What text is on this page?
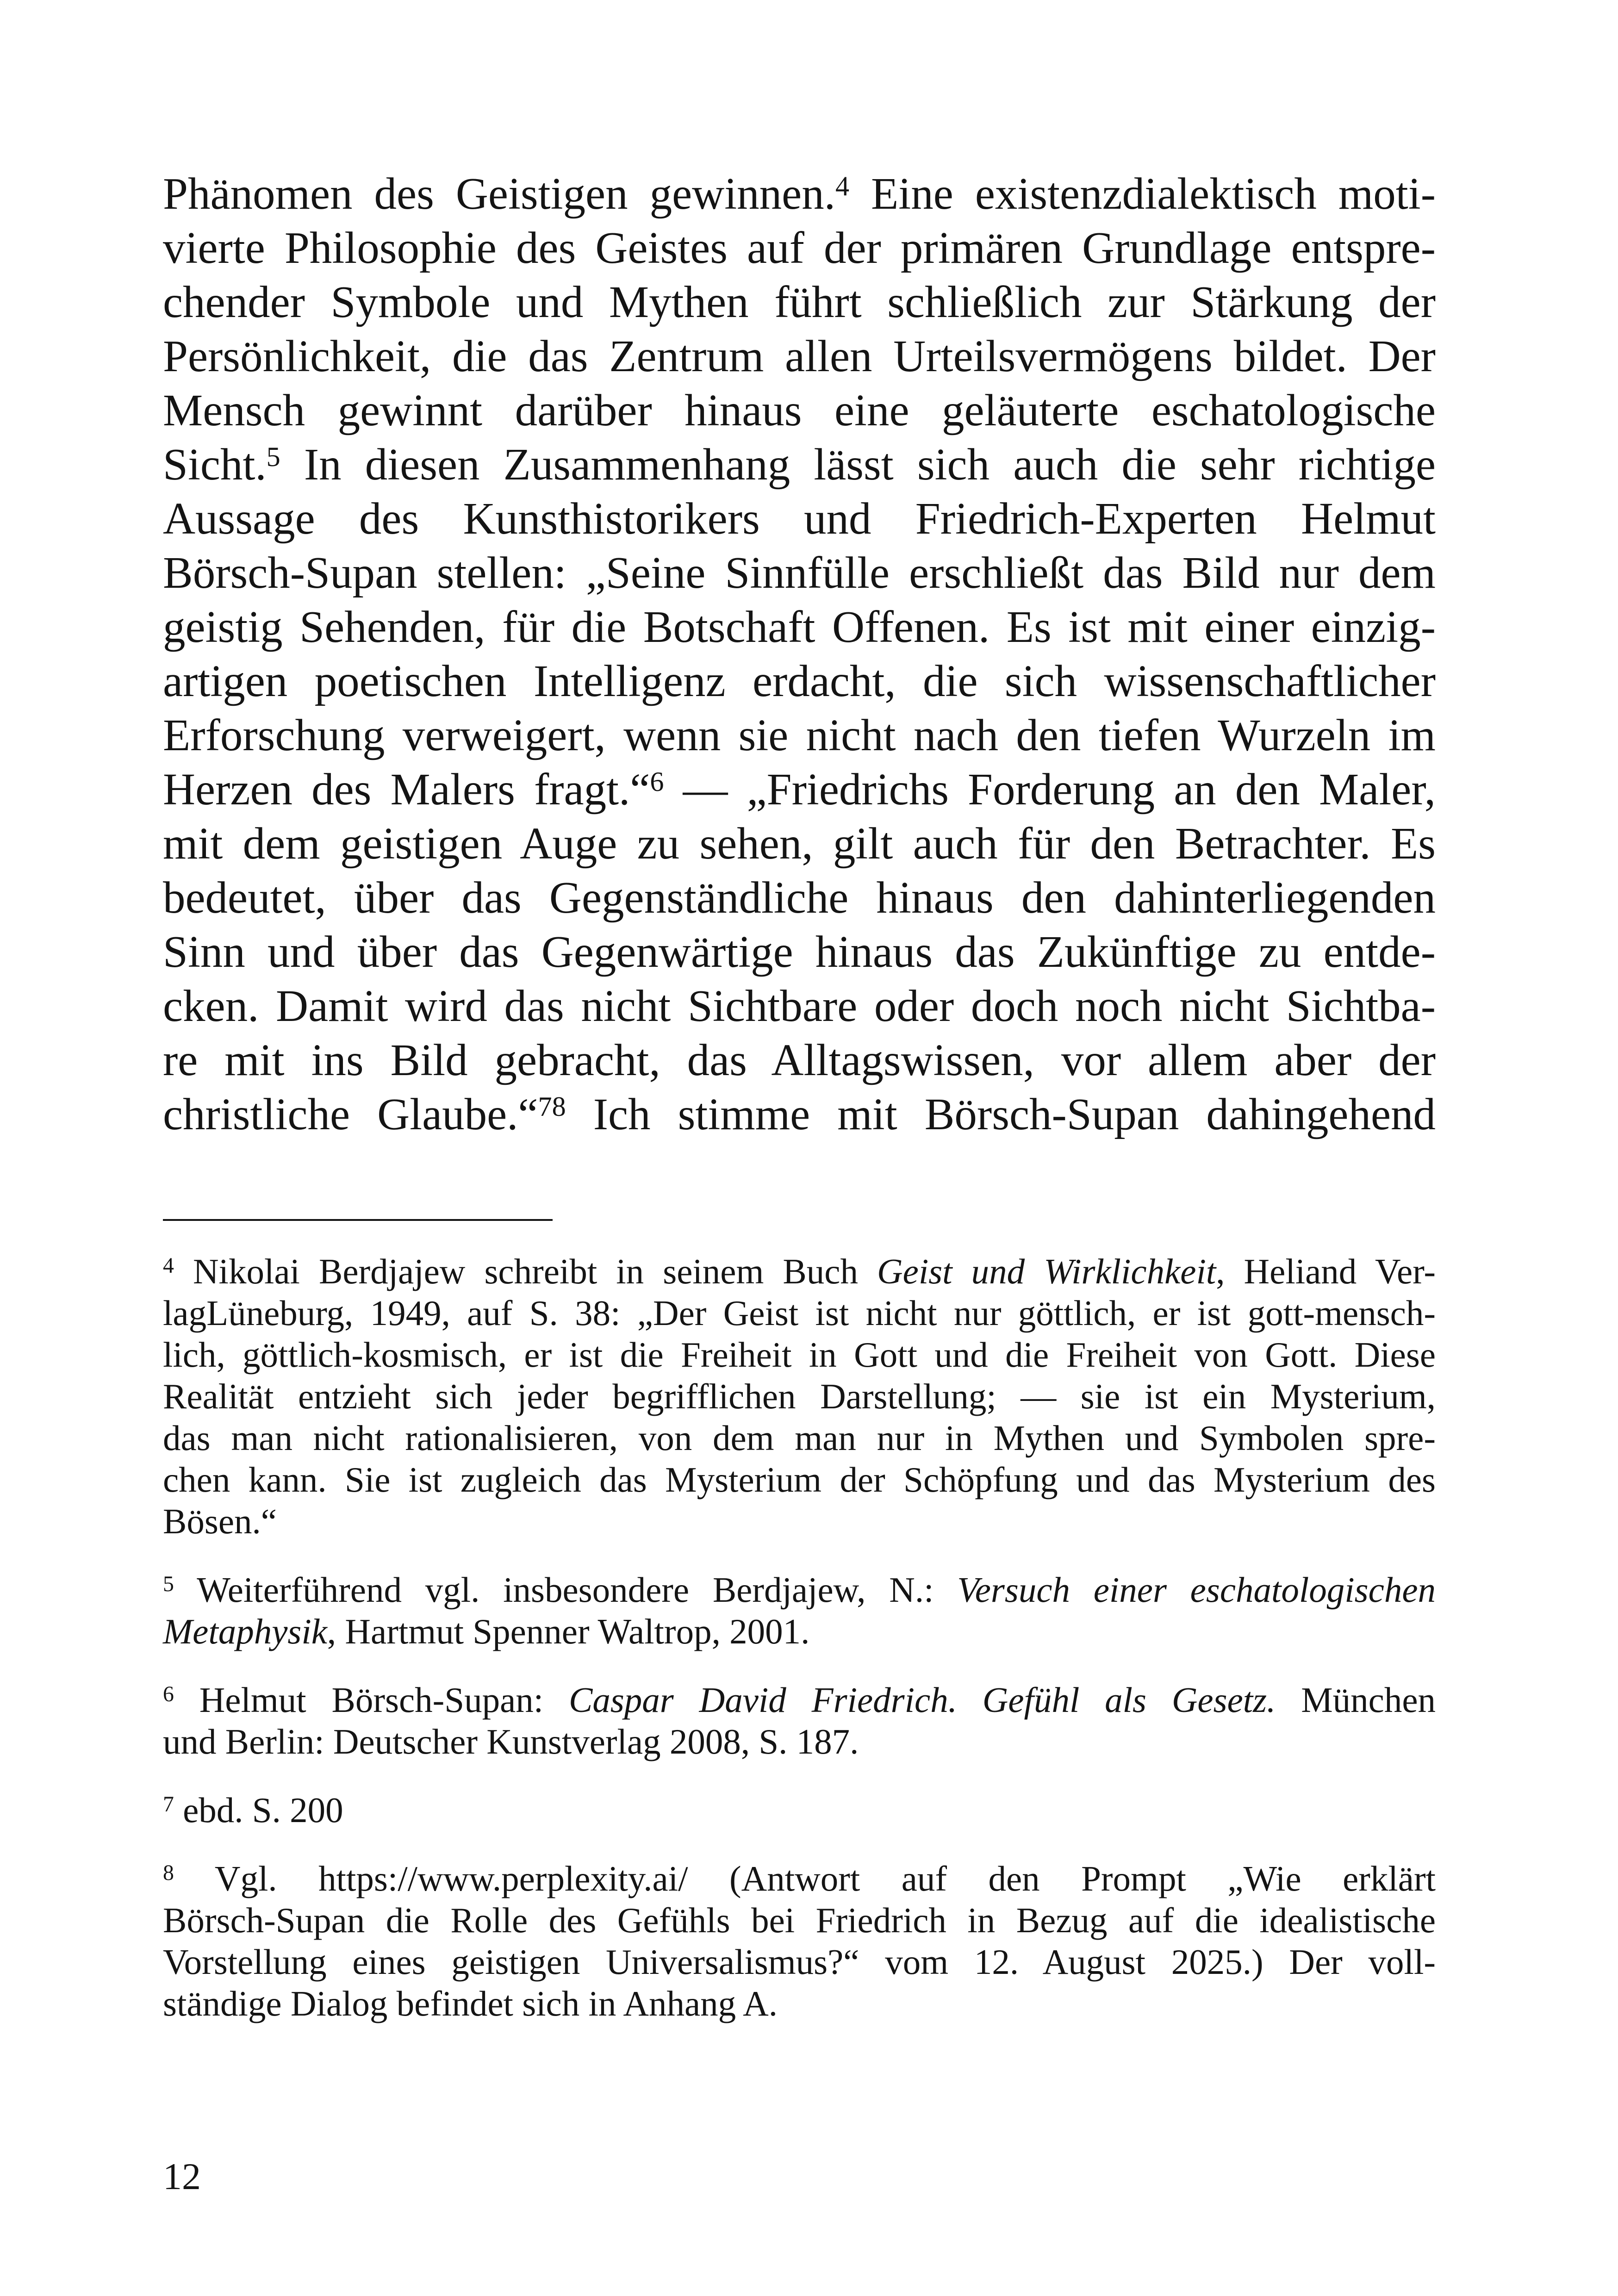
Phänomen des Geistigen gewinnen.$^4$ Eine existenzdialektisch moti-
vierte Philosophie des Geistes auf der primären Grundlage entspre-
chender Symbole und Mythen führt schließlich zur Stärkung der
Persönlichkeit, die das Zentrum allen Urteilsvermögens bildet. Der
Mensch gewinnt darüber hinaus eine geläuterte eschatologische
Sicht.$^5$ In diesen Zusammenhang lässt sich auch die sehr richtige
Aussage des Kunsthistorikers und Friedrich-Experten Helmut
Börsch-Supan stellen: „Seine Sinnfülle erschließt das Bild nur dem
geistig Sehenden, für die Botschaft Offenen. Es ist mit einer einzig-
artigen poetischen Intelligenz erdacht, die sich wissenschaftlicher
Erforschung verweigert, wenn sie nicht nach den tiefen Wurzeln im
Herzen des Malers fragt.“$^6$ — „Friedrichs Forderung an den Maler,
mit dem geistigen Auge zu sehen, gilt auch für den Betrachter. Es
bedeutet, über das Gegenständliche hinaus den dahinterliegenden
Sinn und über das Gegenwärtige hinaus das Zukünftige zu entde-
cken. Damit wird das nicht Sichtbare oder doch noch nicht Sichtba-
re mit ins Bild gebracht, das Alltagswissen, vor allem aber der
christliche Glaube.“$^{78}$ Ich stimme mit Börsch-Supan dahingehend
$^4$ Nikolai Berdjajew schreibt in seinem Buch Geist und Wirklichkeit, Heliand Ver-
lagLüneburg, 1949, auf S. 38: „Der Geist ist nicht nur göttlich, er ist gott-mensch-
lich, göttlich-kosmisch, er ist die Freiheit in Gott und die Freiheit von Gott. Diese
Realität entzieht sich jeder begrifflichen Darstellung; — sie ist ein Mysterium,
das man nicht rationalisieren, von dem man nur in Mythen und Symbolen spre-
chen kann. Sie ist zugleich das Mysterium der Schöpfung und das Mysterium des
Bösen.“
$^5$ Weiterführend vgl. insbesondere Berdjajew, N.: Versuch einer eschatologischen
Metaphysik, Hartmut Spenner Waltrop, 2001.
$^6$ Helmut Börsch-Supan: Caspar David Friedrich. Gefühl als Gesetz. München
und Berlin: Deutscher Kunstverlag 2008, S. 187.
$^7$ ebd. S. 200
$^8$ Vgl. https://www.perplexity.ai/ (Antwort auf den Prompt „Wie erklärt
Börsch-Supan die Rolle des Gefühls bei Friedrich in Bezug auf die idealistische
Vorstellung eines geistigen Universalismus?“ vom 12. August 2025.) Der voll-
ständige Dialog befindet sich in Anhang A.
12
